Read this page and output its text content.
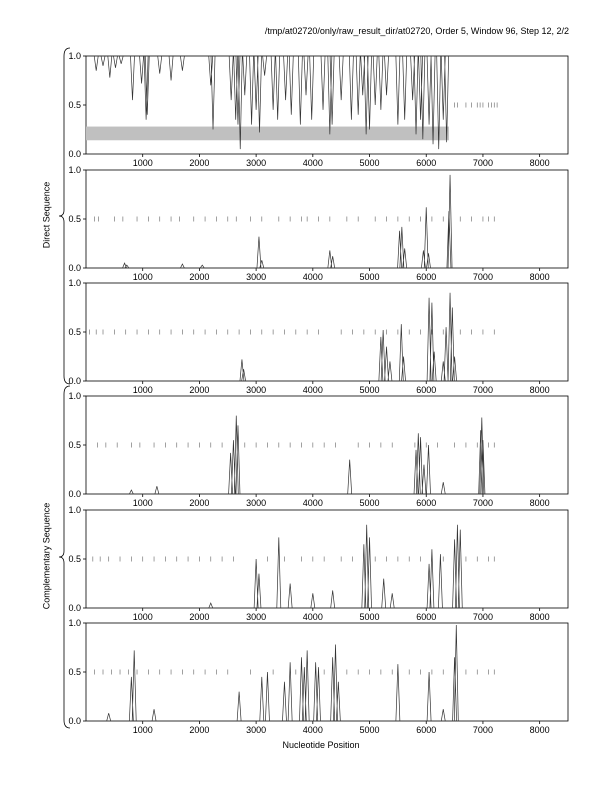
0.0
0.5
1.0
1000	2000	3000	4000	5000	6000	7000	8000
0.0
0.5
1.0
1000	2000	3000	4000	5000	6000	7000	8000
0.0
0.5
1.0
1000	2000	3000	4000	5000	6000	7000	8000
0.0
0.5
1.0
1000	2000	3000	4000	5000	6000	7000	8000
0.0
0.5
1.0
1000	2000	3000	4000	5000	6000	7000	8000
0.0
0.5
1.0
1000	2000	3000	4000	5000	6000	7000	8000
/tmp/at02720/only/raw_result_dir/at02720, Order 5, Window 96, Step 12, 2/2
Nucleotide Position
Direct Sequence
Complementary Sequence
